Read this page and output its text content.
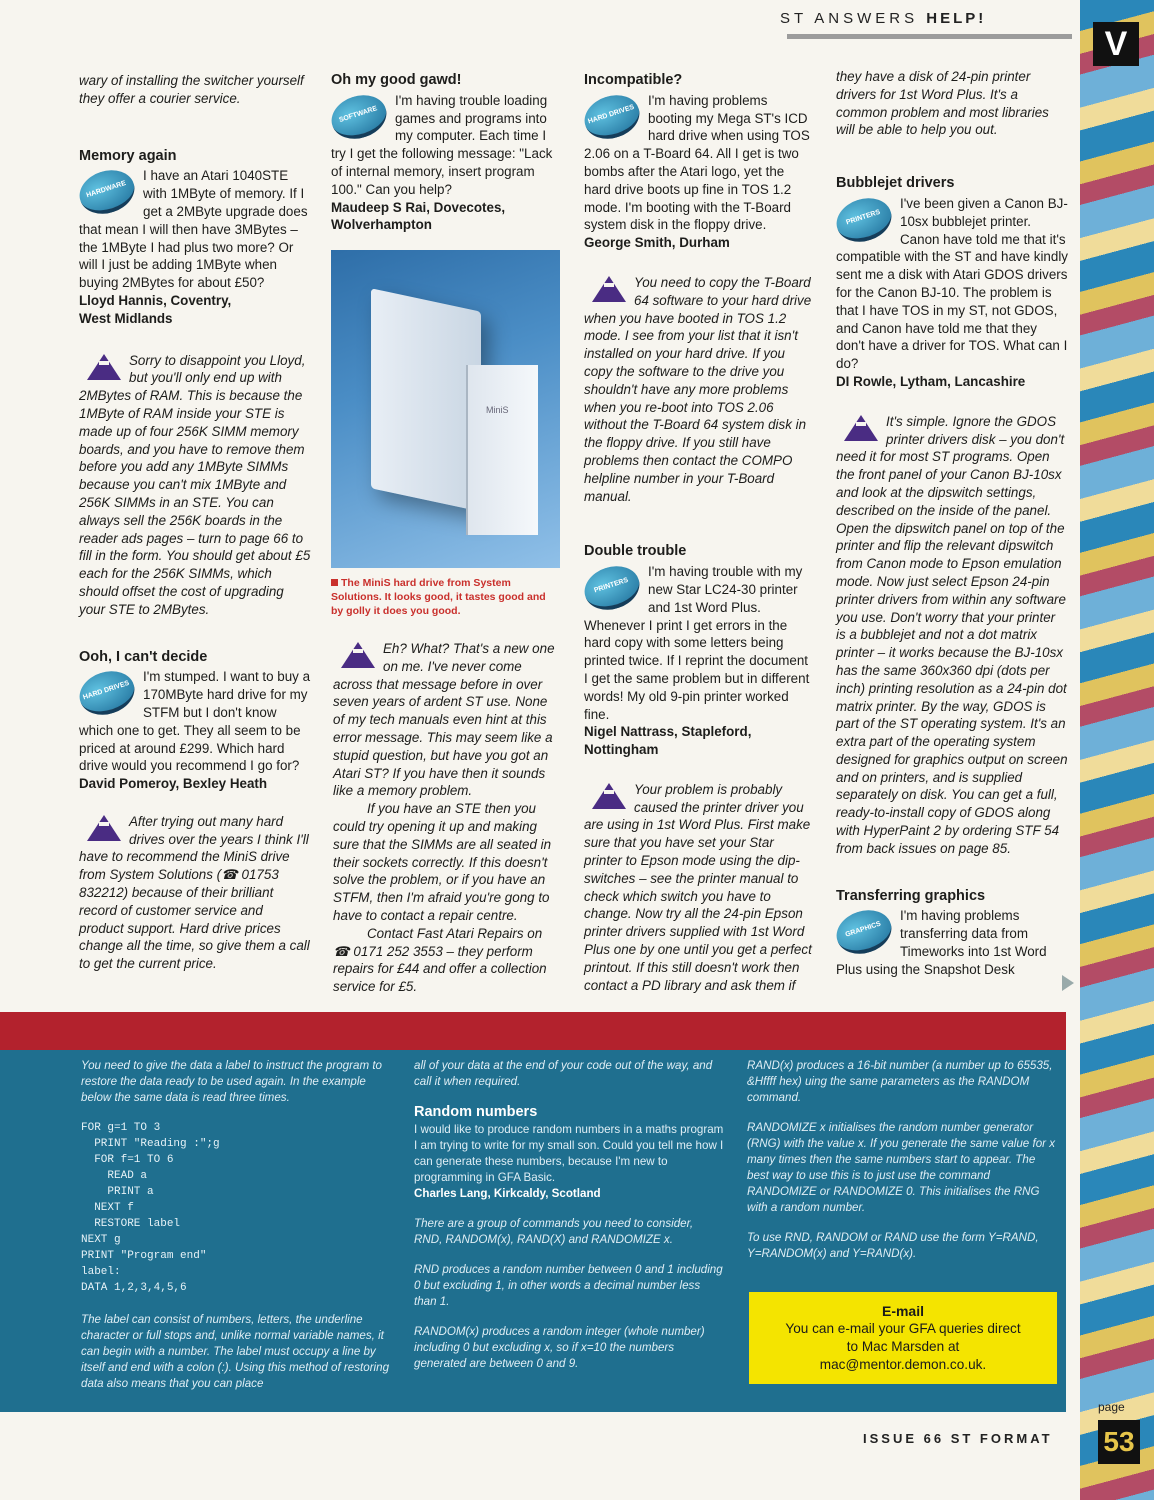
V
ST ANSWERS HELP!

wary of installing the switcher yourself they offer a courier service.

Memory again
HARDWARE

I have an Atari 1040STE with 1MByte of memory. If I get a 2MByte upgrade does that mean I will then have 3MBytes – the 1MByte I had plus two more? Or will I just be adding 1MByte when buying 2MBytes for about £50?

Lloyd Hannis, Coventry,

West Midlands

Sorry to disappoint you Lloyd, but you'll only end up with 2MBytes of RAM. This is because the 1MByte of RAM inside your STE is made up of four 256K SIMM memory boards, and you have to remove them before you add any 1MByte SIMMs because you can't mix 1MByte and 256K SIMMs in an STE. You can always sell the 256K boards in the reader ads pages – turn to page 66 to fill in the form. You should get about £5 each for the 256K SIMMs, which should offset the cost of upgrading your STE to 2MBytes.

Ooh, I can't decide
HARD DRIVES

I'm stumped. I want to buy a 170MByte hard drive for my STFM but I don't know which one to get. They all seem to be priced at around £299. Which hard drive would you recommend I go for?

David Pomeroy, Bexley Heath

After trying out many hard drives over the years I think I'll have to recommend the MiniS drive from System Solutions (☎ 01753 832212) because of their brilliant record of customer service and product support. Hard drive prices change all the time, so give them a call to get the current price.

Oh my good gawd!
SOFTWARE

I'm having trouble loading games and programs into my computer. Each time I try I get the following message: "Lack of internal memory, insert program 100." Can you help?

Maudeep S Rai, Dovecotes,

Wolverhampton

MiniS
The MiniS hard drive from System Solutions. It looks good, it tastes good and by golly it does you good.

Eh? What? That's a new one on me. I've never come across that message before in over seven years of ardent ST use. None of my tech manuals even hint at this error message. This may seem like a stupid question, but have you got an Atari ST? If you have then it sounds like a memory problem.

If you have an STE then you could try opening it up and making sure that the SIMMs are all seated in their sockets correctly. If this doesn't solve the problem, or if you have an STFM, then I'm afraid you're gong to have to contact a repair centre.

Contact Fast Atari Repairs on ☎ 0171 252 3553 – they perform repairs for £44 and offer a collection service for £5.

Incompatible?
HARD DRIVES

I'm having problems booting my Mega ST's ICD hard drive when using TOS 2.06 on a T-Board 64. All I get is two bombs after the Atari logo, yet the hard drive boots up fine in TOS 1.2 mode. I'm booting with the T-Board system disk in the floppy drive.

George Smith, Durham

You need to copy the T-Board 64 software to your hard drive when you have booted in TOS 1.2 mode. I see from your list that it isn't installed on your hard drive. If you copy the software to the drive you shouldn't have any more problems when you re-boot into TOS 2.06 without the T-Board 64 system disk in the floppy drive. If you still have problems then contact the COMPO helpline number in your T-Board manual.

Double trouble
PRINTERS

I'm having trouble with my new Star LC24-30 printer and 1st Word Plus. Whenever I print I get errors in the hard copy with some letters being printed twice. If I reprint the document I get the same problem but in different words! My old 9-pin printer worked fine.

Nigel Nattrass, Stapleford,

Nottingham

Your problem is probably caused the printer driver you are using in 1st Word Plus. First make sure that you have set your Star printer to Epson mode using the dip-switches – see the printer manual to check which switch you have to change. Now try all the 24-pin Epson printer drivers supplied with 1st Word Plus one by one until you get a perfect printout. If this still doesn't work then contact a PD library and ask them if

they have a disk of 24-pin printer drivers for 1st Word Plus. It's a common problem and most libraries will be able to help you out.

Bubblejet drivers
PRINTERS

I've been given a Canon BJ-10sx bubblejet printer. Canon have told me that it's compatible with the ST and have kindly sent me a disk with Atari GDOS drivers for the Canon BJ-10. The problem is that I have TOS in my ST, not GDOS, and Canon have told me that they don't have a driver for TOS. What can I do?

DI Rowle, Lytham, Lancashire

It's simple. Ignore the GDOS printer drivers disk – you don't need it for most ST programs. Open the front panel of your Canon BJ-10sx and look at the dipswitch settings, described on the inside of the panel. Open the dipswitch panel on top of the printer and flip the relevant dipswitch from Canon mode to Epson emulation mode. Now just select Epson 24-pin printer drivers from within any software you use. Don't worry that your printer is a bubblejet and not a dot matrix printer – it works because the BJ-10sx has the same 360x360 dpi (dots per inch) printing resolution as a 24-pin dot matrix printer. By the way, GDOS is part of the ST operating system. It's an extra part of the operating system designed for graphics output on screen and on printers, and is supplied separately on disk. You can get a full, ready-to-install copy of GDOS along with HyperPaint 2 by ordering STF 54 from back issues on page 85.

Transferring graphics
GRAPHICS

I'm having problems transferring data from Timeworks into 1st Word Plus using the Snapshot Desk

You need to give the data a label to instruct the program to restore the data ready to be used again. In the example below the same data is read three times.

FOR g=1 TO 3
PRINT "Reading :";g
FOR f=1 TO 6
READ a
PRINT a
NEXT f
RESTORE label
NEXT g
PRINT "Program end"
label:
DATA 1,2,3,4,5,6

The label can consist of numbers, letters, the underline character or full stops and, unlike normal variable names, it can begin with a number. The label must occupy a line by itself and end with a colon (:). Using this method of restoring data also means that you can place

all of your data at the end of your code out of the way, and call it when required.

Random numbers

I would like to produce random numbers in a maths program I am trying to write for my small son. Could you tell me how I can generate these numbers, because I'm new to programming in GFA Basic.

Charles Lang, Kirkcaldy, Scotland

There are a group of commands you need to consider, RND, RANDOM(x), RAND(X) and RANDOMIZE x.

RND produces a random number between 0 and 1 including 0 but excluding 1, in other words a decimal number less than 1.

RANDOM(x) produces a random integer (whole number) including 0 but excluding x, so if x=10 the numbers generated are between 0 and 9.

RAND(x) produces a 16-bit number (a number up to 65535, &Hffff hex) uing the same parameters as the RANDOM command.

RANDOMIZE x initialises the random number generator (RNG) with the value x. If you generate the same value for x many times then the same numbers start to appear. The best way to use this is to just use the command RANDOMIZE or RANDOMIZE 0. This initialises the RNG with a random number.

To use RND, RANDOM or RAND use the form Y=RAND, Y=RANDOM(x) and Y=RAND(x).

E-mail
You can e-mail your GFA queries direct to Mac Marsden at mac@mentor.demon.co.uk.
ISSUE 66 ST FORMAT
page
53
